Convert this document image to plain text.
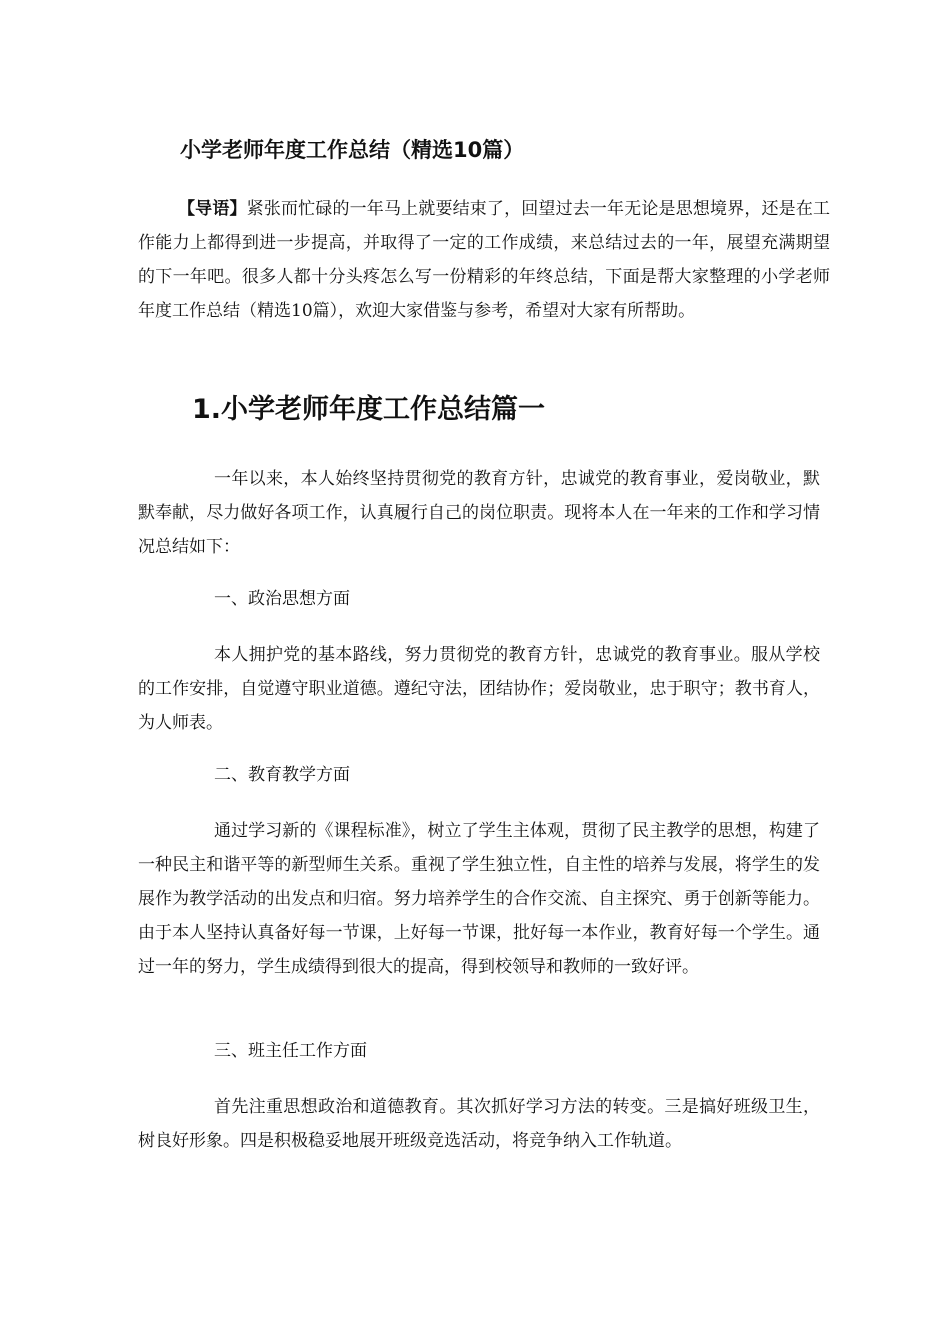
小学老师年度工作总结（精选10篇）

【导语】紧张而忙碌的一年马上就要结束了，回望过去一年无论是思想境界，还是在工作能力上都得到进一步提高，并取得了一定的工作成绩，来总结过去的一年，展望充满期望的下一年吧。很多人都十分头疼怎么写一份精彩的年终总结，下面是帮大家整理的小学老师年度工作总结（精选10篇），欢迎大家借鉴与参考，希望对大家有所帮助。

1.小学老师年度工作总结篇一

一年以来，本人始终坚持贯彻党的教育方针，忠诚党的教育事业，爱岗敬业，默默奉献，尽力做好各项工作，认真履行自己的岗位职责。现将本人在一年来的工作和学习情况总结如下：

一、政治思想方面

本人拥护党的基本路线，努力贯彻党的教育方针，忠诚党的教育事业。服从学校的工作安排，自觉遵守职业道德。遵纪守法，团结协作；爱岗敬业，忠于职守；教书育人，为人师表。

二、教育教学方面

通过学习新的《课程标准》，树立了学生主体观，贯彻了民主教学的思想，构建了一种民主和谐平等的新型师生关系。重视了学生独立性，自主性的培养与发展，将学生的发展作为教学活动的出发点和归宿。努力培养学生的合作交流、自主探究、勇于创新等能力。由于本人坚持认真备好每一节课，上好每一节课，批好每一本作业，教育好每一个学生。通过一年的努力，学生成绩得到很大的提高，得到校领导和教师的一致好评。

三、班主任工作方面

首先注重思想政治和道德教育。其次抓好学习方法的转变。三是搞好班级卫生，树良好形象。四是积极稳妥地展开班级竞选活动，将竞争纳入工作轨道。
